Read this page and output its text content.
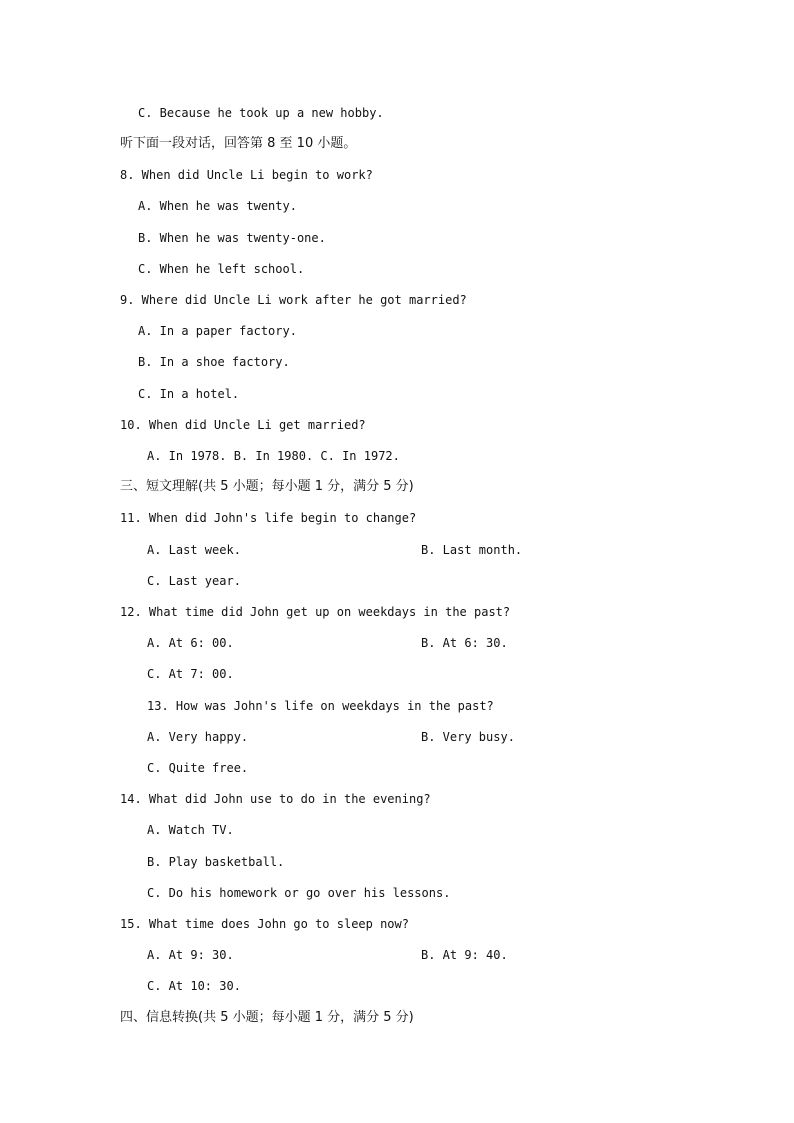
C. Because he took up a new hobby.
听下面一段对话，回答第 8 至 10 小题。
8. When did Uncle Li begin to work?
A. When he was twenty.
B. When he was twenty-one.
C. When he left school.
9. Where did Uncle Li work after he got married?
A. In a paper factory.
B. In a shoe factory.
C. In a hotel.
10. When did Uncle Li get married?
A. In 1978. B. In 1980. C. In 1972.
三、短文理解(共 5 小题；每小题 1 分，满分 5 分)
11. When did John's life begin to change?
A. Last week.	B. Last month.
C. Last year.
12. What time did John get up on weekdays in the past?
A. At 6: 00.	B. At 6: 30.
C. At 7: 00.
13. How was John's life on weekdays in the past?
A. Very happy.	B. Very busy.
C. Quite free.
14. What did John use to do in the evening?
A. Watch TV.
B. Play basketball.
C. Do his homework or go over his lessons.
15. What time does John go to sleep now?
A. At 9: 30.	B. At 9: 40.
C. At 10: 30.
四、信息转换(共 5 小题；每小题 1 分，满分 5 分)
